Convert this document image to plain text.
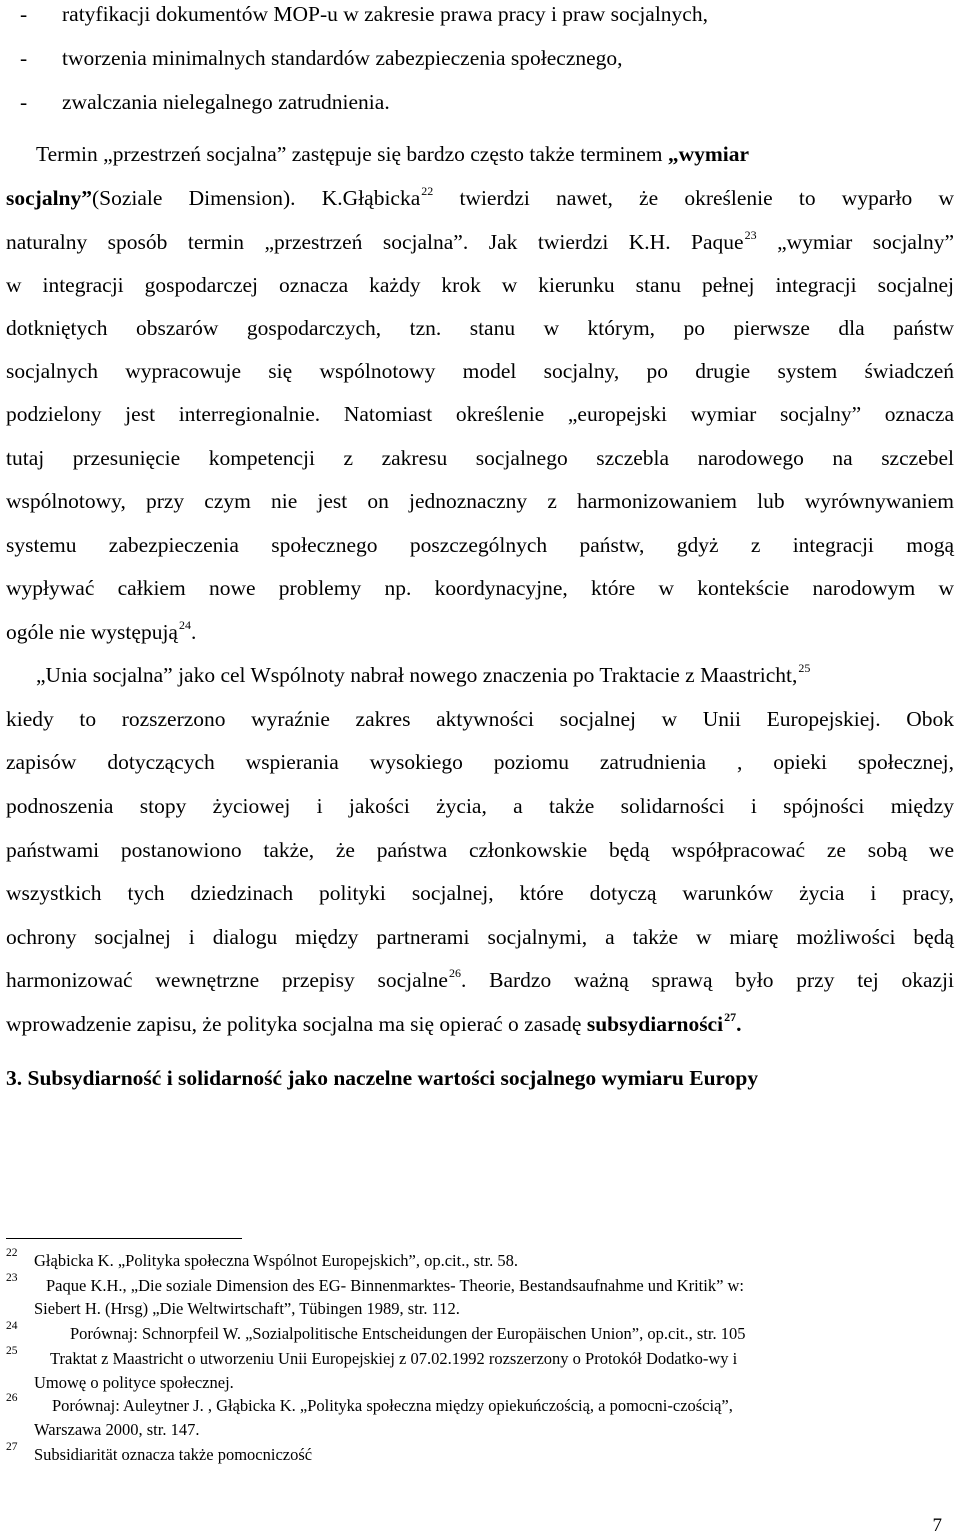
- ratyfikacji dokumentów MOP-u w zakresie prawa pracy i praw socjalnych,
- tworzenia minimalnych standardów zabezpieczenia społecznego,
- zwalczania nielegalnego zatrudnienia.
Termin „przestrzeń socjalna” zastępuje się bardzo często także terminem „wymiar
socjalny”(Soziale Dimension). K.Głąbicka$^{22}$ twierdzi nawet, że określenie to wyparło w
naturalny sposób termin „przestrzeń socjalna”. Jak twierdzi K.H. Paque$^{23}$ „wymiar socjalny”
w integracji gospodarczej oznacza każdy krok w kierunku stanu pełnej integracji socjalnej
dotkniętych obszarów gospodarczych, tzn. stanu w którym, po pierwsze dla państw
socjalnych wypracowuje się wspólnotowy model socjalny, po drugie system świadczeń
podzielony jest interregionalnie. Natomiast określenie „europejski wymiar socjalny” oznacza
tutaj przesunięcie kompetencji z zakresu socjalnego szczebla narodowego na szczebel
wspólnotowy, przy czym nie jest on jednoznaczny z harmonizowaniem lub wyrównywaniem
systemu zabezpieczenia społecznego poszczególnych państw, gdyż z integracji mogą
wypływać całkiem nowe problemy np. koordynacyjne, które w kontekście narodowym w
ogóle nie występują$^{24}$.
„Unia socjalna” jako cel Wspólnoty nabrał nowego znaczenia po Traktacie z Maastricht,$^{25}$
kiedy to rozszerzono wyraźnie zakres aktywności socjalnej w Unii Europejskiej. Obok
zapisów dotyczących wspierania wysokiego poziomu zatrudnienia , opieki społecznej,
podnoszenia stopy życiowej i jakości życia, a także solidarności i spójności między
państwami postanowiono także, że państwa członkowskie będą współpracować ze sobą we
wszystkich tych dziedzinach polityki socjalnej, które dotyczą warunków życia i pracy,
ochrony socjalnej i dialogu między partnerami socjalnymi, a także w miarę możliwości będą
harmonizować wewnętrzne przepisy socjalne$^{26}$. Bardzo ważną sprawą było przy tej okazji
wprowadzenie zapisu, że polityka socjalna ma się opierać o zasadę subsydiarności$^{27}$.
3. Subsydiarność i solidarność jako naczelne wartości socjalnego wymiaru Europy
22 Głąbicka K. „Polityka społeczna Wspólnot Europejskich”, op.cit., str. 58.
23 Paque K.H., „Die soziale Dimension des EG- Binnenmarktes- Theorie, Bestandsaufnahme und Kritik” w:
Siebert H. (Hrsg) „Die Weltwirtschaft”, Tübingen 1989, str. 112.
24	Porównaj: Schnorpfeil W. „Sozialpolitische Entscheidungen der Europäischen Union”, op.cit., str. 105
25 Traktat z Maastricht o utworzeniu Unii Europejskiej z 07.02.1992 rozszerzony o Protokół Dodatko-wy i
Umowę o polityce społecznej.
26 Porównaj: Auleytner J. , Głąbicka K. „Polityka społeczna między opiekuńczością, a pomocni-czością”,
Warszawa 2000, str. 147.
27 Subsidiarität oznacza także pomocniczość
7
